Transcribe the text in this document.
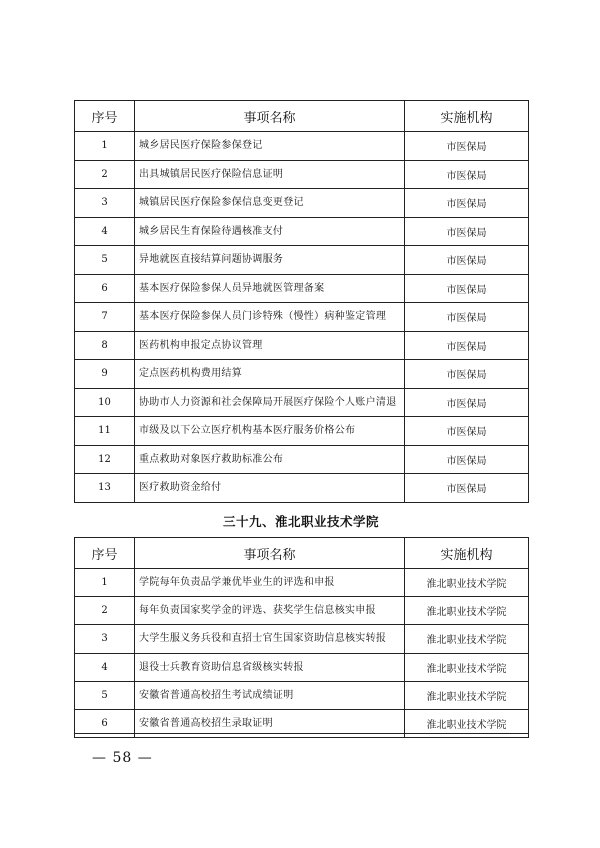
序号	事项名称	实施机构
1	城乡居民医疗保险参保登记	市医保局
2	出具城镇居民医疗保险信息证明	市医保局
3	城镇居民医疗保险参保信息变更登记	市医保局
4	城乡居民生育保险待遇核准支付	市医保局
5	异地就医直接结算问题协调服务	市医保局
6	基本医疗保险参保人员异地就医管理备案	市医保局
7	基本医疗保险参保人员门诊特殊（慢性）病种鉴定管理	市医保局
8	医药机构申报定点协议管理	市医保局
9	定点医药机构费用结算	市医保局
10	协助市人力资源和社会保障局开展医疗保险个人账户清退	市医保局
11	市级及以下公立医疗机构基本医疗服务价格公布	市医保局
12	重点救助对象医疗救助标准公布	市医保局
13	医疗救助资金给付	市医保局
三十九、淮北职业技术学院
序号	事项名称	实施机构
1	学院每年负责品学兼优毕业生的评选和申报	淮北职业技术学院
2	每年负责国家奖学金的评选、获奖学生信息核实申报	淮北职业技术学院
3	大学生服义务兵役和直招士官生国家资助信息核实转报	淮北职业技术学院
4	退役士兵教育资助信息省级核实转报	淮北职业技术学院
5	安徽省普通高校招生考试成绩证明	淮北职业技术学院
6	安徽省普通高校招生录取证明	淮北职业技术学院
— 58 —
